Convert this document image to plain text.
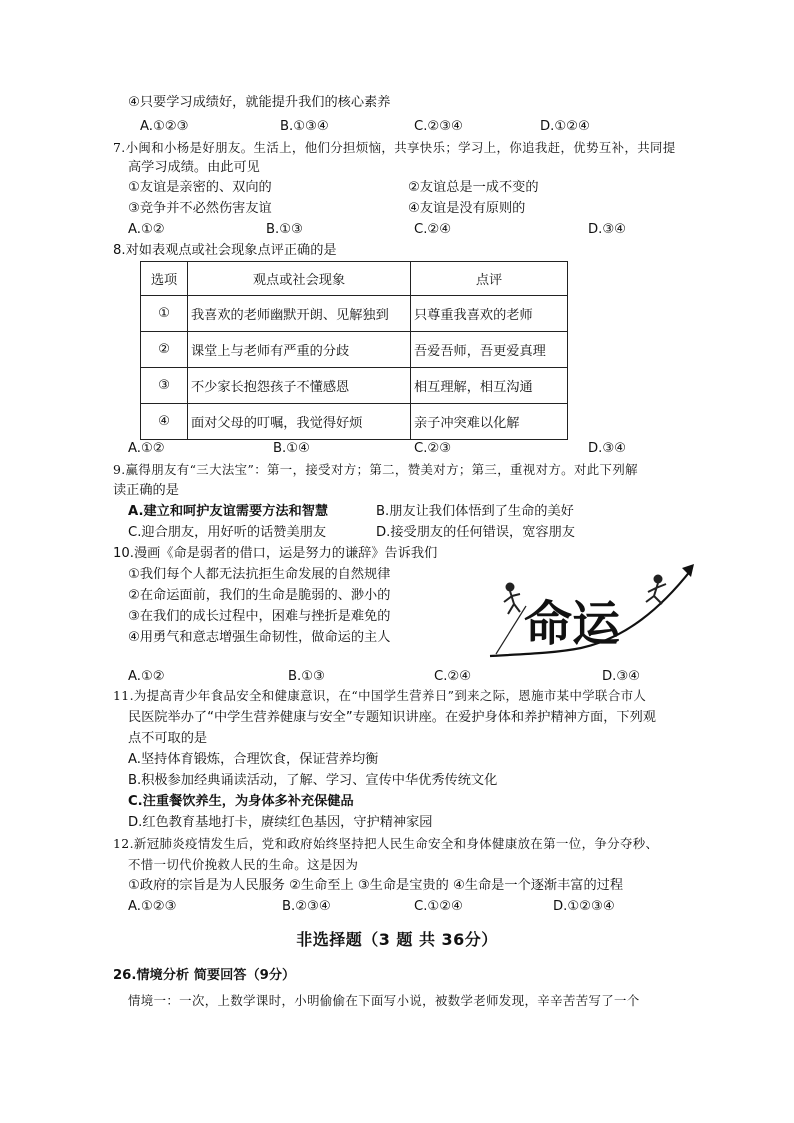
④只要学习成绩好，就能提升我们的核心素养
A.①②③	B.①③④	C.②③④	D.①②④
7.小闽和小杨是好朋友。生活上，他们分担烦恼，共享快乐；学习上，你追我赶，优势互补，共同提
高学习成绩。由此可见
①友谊是亲密的、双向的	②友谊总是一成不变的
③竞争并不必然伤害友谊	④友谊是没有原则的
A.①②	B.①③	C.②④	D.③④
8.对如表观点或社会现象点评正确的是
选项	观点或社会现象	点评
①	我喜欢的老师幽默开朗、见解独到	只尊重我喜欢的老师
②	课堂上与老师有严重的分歧	吾爱吾师，吾更爱真理
③	不少家长抱怨孩子不懂感恩	相互理解，相互沟通
④	面对父母的叮嘱，我觉得好烦	亲子冲突难以化解
A.①②	B.①④	C.②③	D.③④
9.赢得朋友有“三大法宝”：第一，接受对方；第二，赞美对方；第三，重视对方。对此下列解
读正确的是
A.建立和呵护友谊需要方法和智慧	B.朋友让我们体悟到了生命的美好
C.迎合朋友，用好听的话赞美朋友	D.接受朋友的任何错误，宽容朋友
10.漫画《命是弱者的借口，运是努力的谦辞》告诉我们
①我们每个人都无法抗拒生命发展的自然规律
②在命运面前，我们的生命是脆弱的、渺小的
③在我们的成长过程中，困难与挫折是难免的
④用勇气和意志增强生命韧性，做命运的主人	命运
A.①②	B.①③	C.②④	D.③④
11.为提高青少年食品安全和健康意识，在“中国学生营养日”到来之际，恩施市某中学联合市人
民医院举办了“中学生营养健康与安全”专题知识讲座。在爱护身体和养护精神方面，下列观
点不可取的是
A.坚持体育锻炼，合理饮食，保证营养均衡
B.积极参加经典诵读活动，了解、学习、宣传中华优秀传统文化
C.注重餐饮养生，为身体多补充保健品
D.红色教育基地打卡，赓续红色基因，守护精神家园
12.新冠肺炎疫情发生后，党和政府始终坚持把人民生命安全和身体健康放在第一位，争分夺秒、
不惜一切代价挽救人民的生命。这是因为
①政府的宗旨是为人民服务 ②生命至上 ③生命是宝贵的 ④生命是一个逐渐丰富的过程
A.①②③	B.②③④	C.①②④	D.①②③④
非选择题（3 题 共 36分）
26.情境分析 简要回答（9分）
情境一：一次，上数学课时，小明偷偷在下面写小说，被数学老师发现，辛辛苦苦写了一个
